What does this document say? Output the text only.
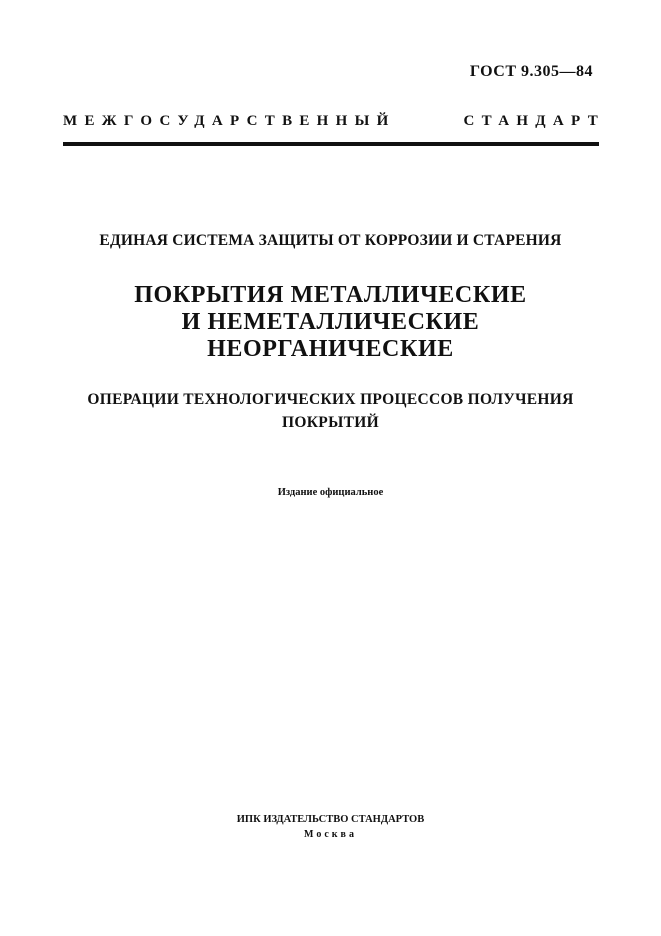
ГОСТ 9.305—84
МЕЖГОСУДАРСТВЕННЫЙ	СТАНДАРТ
ЕДИНАЯ СИСТЕМА ЗАЩИТЫ ОТ КОРРОЗИИ И СТАРЕНИЯ
ПОКРЫТИЯ МЕТАЛЛИЧЕСКИЕ
И НЕМЕТАЛЛИЧЕСКИЕ
НЕОРГАНИЧЕСКИЕ
ОПЕРАЦИИ ТЕХНОЛОГИЧЕСКИХ ПРОЦЕССОВ ПОЛУЧЕНИЯ
ПОКРЫТИЙ
Издание официальное
ИПК ИЗДАТЕЛЬСТВО СТАНДАРТОВ
Москва
